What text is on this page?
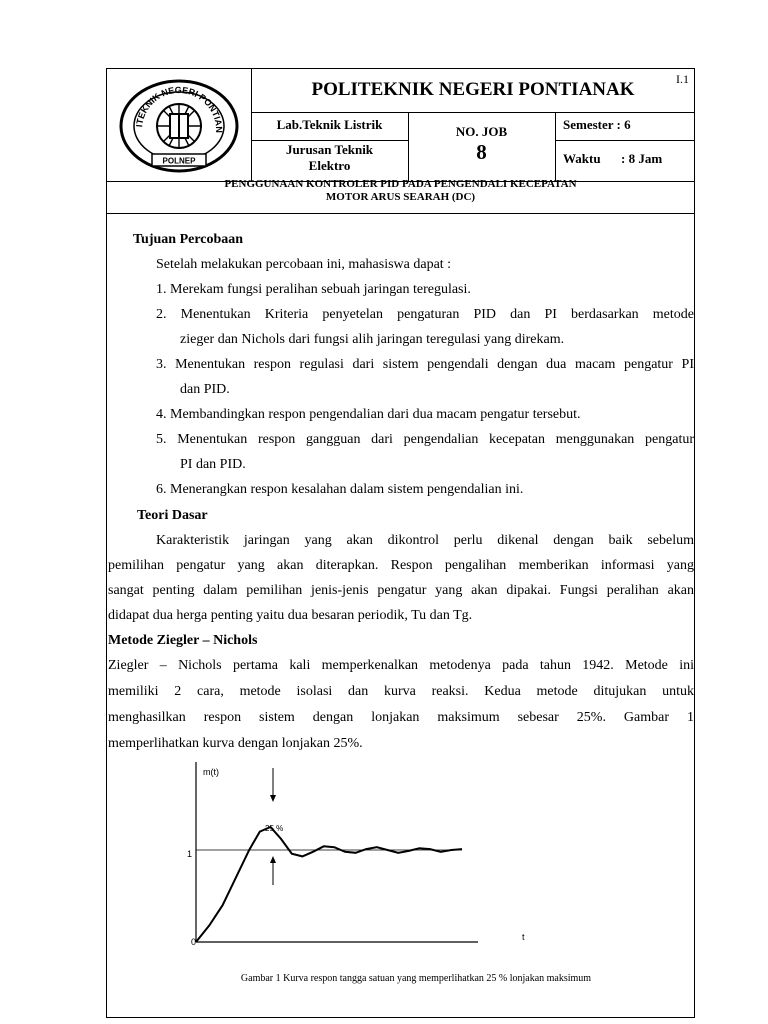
I.1
ITEKNIK NEGERI PONTIAN
POLNEP
POLITEKNIK NEGERI PONTIANAK
Lab.Teknik Listrik
Jurusan Teknik
Elektro
NO. JOB
8
Semester : 6
Waktu : 8 Jam
PENGGUNAAN KONTROLER PID PADA PENGENDALI KECEPATAN
MOTOR ARUS SEARAH (DC)
Tujuan Percobaan
Setelah melakukan percobaan ini, mahasiswa dapat :
1. Merekam fungsi peralihan sebuah jaringan teregulasi.
2. Menentukan Kriteria penyetelan pengaturan PID dan PI berdasarkan metode
zieger dan Nichols dari fungsi alih jaringan teregulasi yang direkam.
3. Menentukan respon regulasi dari sistem pengendali dengan dua macam pengatur PI
dan PID.
4. Membandingkan respon pengendalian dari dua macam pengatur tersebut.
5. Menentukan respon gangguan dari pengendalian kecepatan menggunakan pengatur
PI dan PID.
6. Menerangkan respon kesalahan dalam sistem pengendalian ini.
Teori Dasar
Karakteristik jaringan yang akan dikontrol perlu dikenal dengan baik sebelum
pemilihan pengatur yang akan diterapkan. Respon pengalihan memberikan informasi yang
sangat penting dalam pemilihan jenis-jenis pengatur yang akan dipakai. Fungsi peralihan akan
didapat dua herga penting yaitu dua besaran periodik, Tu dan Tg.
Metode Ziegler – Nichols
Ziegler – Nichols pertama kali memperkenalkan metodenya pada tahun 1942. Metode ini
memiliki 2 cara, metode isolasi dan kurva reaksi. Kedua metode ditujukan untuk
menghasilkan respon sistem dengan lonjakan maksimum sebesar 25%. Gambar 1
memperlihatkan kurva dengan lonjakan 25%.
m(t)
t
1
0
25 %
Gambar 1 Kurva respon tangga satuan yang memperlihatkan 25 % lonjakan maksimum
